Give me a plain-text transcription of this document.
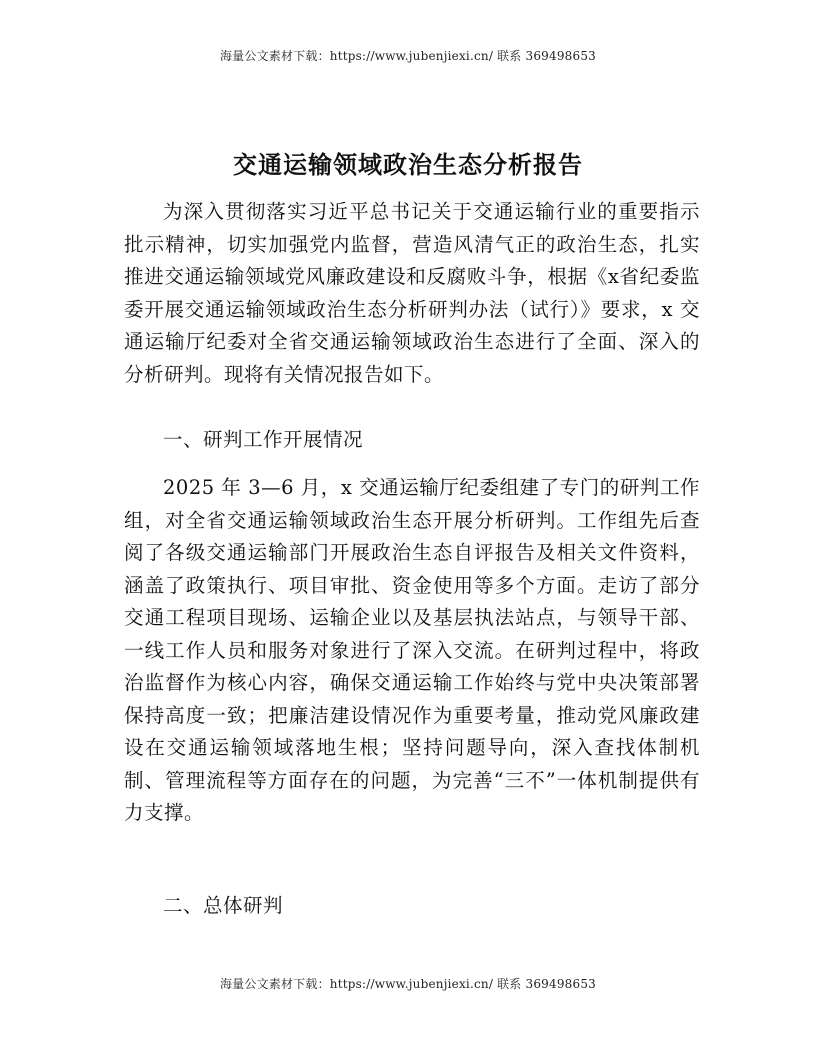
海量公文素材下载：https://www.jubenjiexi.cn/ 联系 369498653
交通运输领域政治生态分析报告

为深入贯彻落实习近平总书记关于交通运输行业的重要指示批示精神，切实加强党内监督，营造风清气正的政治生态，扎实推进交通运输领域党风廉政建设和反腐败斗争，根据《x省纪委监委开展交通运输领域政治生态分析研判办法（试行）》要求，x 交通运输厅纪委对全省交通运输领域政治生态进行了全面、深入的分析研判。现将有关情况报告如下。

一、研判工作开展情况

2025 年 3—6 月，x 交通运输厅纪委组建了专门的研判工作组，对全省交通运输领域政治生态开展分析研判。工作组先后查阅了各级交通运输部门开展政治生态自评报告及相关文件资料，涵盖了政策执行、项目审批、资金使用等多个方面。走访了部分交通工程项目现场、运输企业以及基层执法站点，与领导干部、一线工作人员和服务对象进行了深入交流。在研判过程中，将政治监督作为核心内容，确保交通运输工作始终与党中央决策部署保持高度一致；把廉洁建设情况作为重要考量，推动党风廉政建设在交通运输领域落地生根；坚持问题导向，深入查找体制机制、管理流程等方面存在的问题，为完善“三不”一体机制提供有力支撑。

二、总体研判

海量公文素材下载：https://www.jubenjiexi.cn/ 联系 369498653
